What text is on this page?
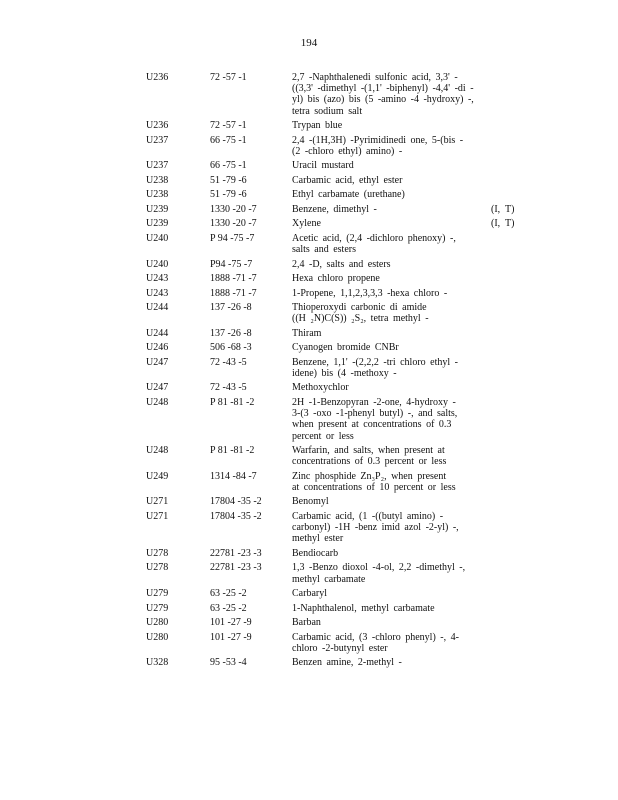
194
U236	72 -57 -1	2,7 -Naphthalenedi sulfonic acid, 3,3' -
((3,3' -dimethyl -(1,1' -biphenyl) -4,4' -di -
yl) bis (azo) bis (5 -amino -4 -hydroxy) -,
tetra sodium salt
U236	72 -57 -1	Trypan blue
U237	66 -75 -1	2,4 -(1H,3H) -Pyrimidinedi one, 5-(bis -
(2 -chloro ethyl) amino) -
U237	66 -75 -1	Uracil mustard
U238	51 -79 -6	Carbamic acid, ethyl ester
U238	51 -79 -6	Ethyl carbamate (urethane)
U239	1330 -20 -7	Benzene, dimethyl -	(I,  T)
U239	1330 -20 -7	Xylene	(I,  T)
U240	P 94 -75 -7	Acetic acid, (2,4 -dichloro phenoxy) -,
salts and esters
U240	P94 -75 -7	2,4 -D, salts and esters
U243	1888 -71 -7	Hexa chloro propene
U243	1888 -71 -7	1-Propene, 1,1,2,3,3,3 -hexa chloro -
U244	137 -26 -8	Thioperoxydi carbonic di amide
((H ₂N)C(S)) ₂S₂, tetra methyl -
U244	137 -26 -8	Thiram
U246	506 -68 -3	Cyanogen bromide CNBr
U247	72 -43 -5	Benzene, 1,1' -(2,2,2 -tri chloro ethyl -
idene) bis (4 -methoxy -
U247	72 -43 -5	Methoxychlor
U248	P 81 -81 -2	2H -1-Benzopyran -2-one, 4-hydroxy -
3-(3 -oxo -1-phenyl butyl) -, and salts,
when present at concentrations of 0.3
percent or less
U248	P 81 -81 -2	Warfarin, and salts, when present at
concentrations of 0.3 percent or less
U249	1314 -84 -7	Zinc phosphide Zn₃P₂, when present
at concentrations of 10 percent or less
U271	17804 -35 -2	Benomyl
U271	17804 -35 -2	Carbamic acid, (1 -((butyl amino) -
carbonyl) -1H -benz imid azol -2-yl) -,
methyl ester
U278	22781 -23 -3	Bendiocarb
U278	22781 -23 -3	1,3 -Benzo dioxol -4-ol, 2,2 -dimethyl -,
methyl carbamate
U279	63 -25 -2	Carbaryl
U279	63 -25 -2	1-Naphthalenol, methyl carbamate
U280	101 -27 -9	Barban
U280	101 -27 -9	Carbamic acid, (3 -chloro phenyl) -, 4-
chloro -2-butynyl ester
U328	95 -53 -4	Benzen amine, 2-methyl -
